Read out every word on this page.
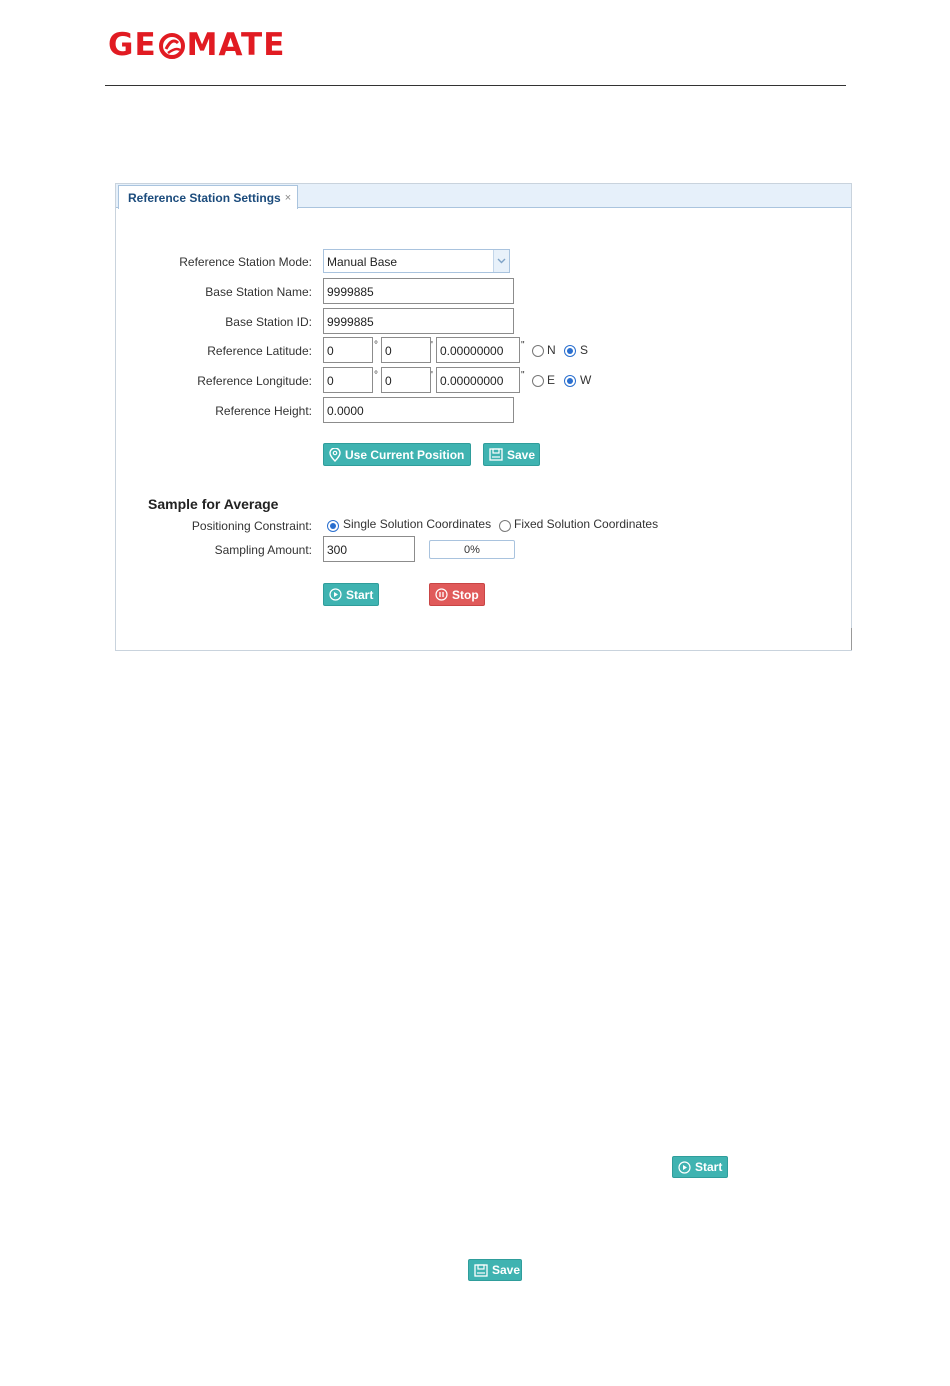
GE MATE
Reference Station Settings ×
Reference Station Mode:	Manual Base
Base Station Name:	9999885
Base Station ID:	9999885
Reference Latitude:	0	° 0	' 0.00000000	" N S
Reference Longitude:	0	° 0	' 0.00000000	" E W
Reference Height:	0.0000
Use Current Position	Save
Sample for Average
Positioning Constraint:	Single Solution Coordinates Fixed Solution Coordinates
Sampling Amount:	300	0%
Start	Stop
Start
Save
